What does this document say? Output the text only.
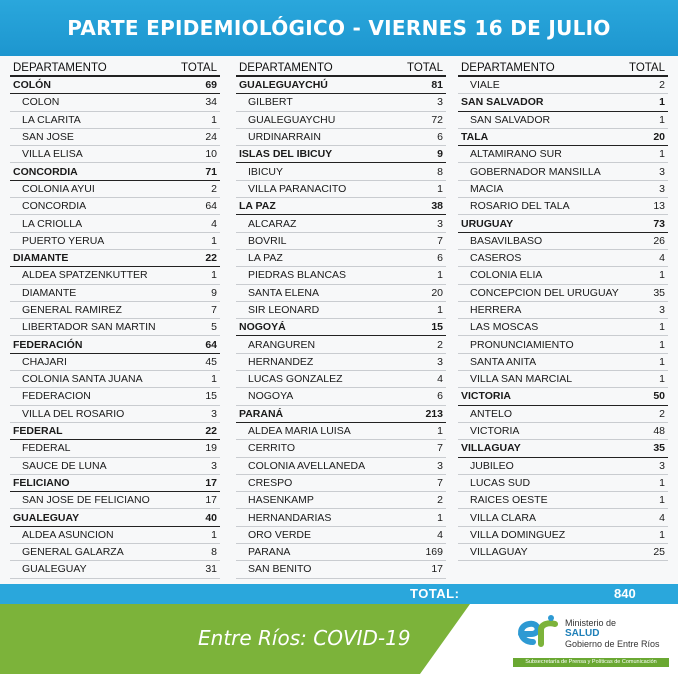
PARTE EPIDEMIOLÓGICO - VIERNES 16 DE JULIO
DEPARTAMENTO	TOTAL
COLÓN	69
COLON	34
LA CLARITA	1
SAN JOSE	24
VILLA ELISA	10
CONCORDIA	71
COLONIA AYUI	2
CONCORDIA	64
LA CRIOLLA	4
PUERTO YERUA	1
DIAMANTE	22
ALDEA SPATZENKUTTER	1
DIAMANTE	9
GENERAL RAMIREZ	7
LIBERTADOR SAN MARTIN	5
FEDERACIÓN	64
CHAJARI	45
COLONIA SANTA JUANA	1
FEDERACION	15
VILLA DEL ROSARIO	3
FEDERAL	22
FEDERAL	19
SAUCE DE LUNA	3
FELICIANO	17
SAN JOSE DE FELICIANO	17
GUALEGUAY	40
ALDEA ASUNCION	1
GENERAL GALARZA	8
GUALEGUAY	31
DEPARTAMENTO	TOTAL
GUALEGUAYCHÚ	81
GILBERT	3
GUALEGUAYCHU	72
URDINARRAIN	6
ISLAS DEL IBICUY	9
IBICUY	8
VILLA PARANACITO	1
LA PAZ	38
ALCARAZ	3
BOVRIL	7
LA PAZ	6
PIEDRAS BLANCAS	1
SANTA ELENA	20
SIR LEONARD	1
NOGOYÁ	15
ARANGUREN	2
HERNANDEZ	3
LUCAS GONZALEZ	4
NOGOYA	6
PARANÁ	213
ALDEA MARIA LUISA	1
CERRITO	7
COLONIA AVELLANEDA	3
CRESPO	7
HASENKAMP	2
HERNANDARIAS	1
ORO VERDE	4
PARANA	169
SAN BENITO	17
DEPARTAMENTO	TOTAL
VIALE	2
SAN SALVADOR	1
SAN SALVADOR	1
TALA	20
ALTAMIRANO SUR	1
GOBERNADOR MANSILLA	3
MACIA	3
ROSARIO DEL TALA	13
URUGUAY	73
BASAVILBASO	26
CASEROS	4
COLONIA ELIA	1
CONCEPCION DEL URUGUAY	35
HERRERA	3
LAS MOSCAS	1
PRONUNCIAMIENTO	1
SANTA ANITA	1
VILLA SAN MARCIAL	1
VICTORIA	50
ANTELO	2
VICTORIA	48
VILLAGUAY	35
JUBILEO	3
LUCAS SUD	1
RAICES OESTE	1
VILLA CLARA	4
VILLA DOMINGUEZ	1
VILLAGUAY	25
TOTAL:	840
Entre Ríos: COVID-19
Ministerio de
SALUD
Gobierno de Entre Ríos
Subsecretaría de Prensa y Políticas de Comunicación
